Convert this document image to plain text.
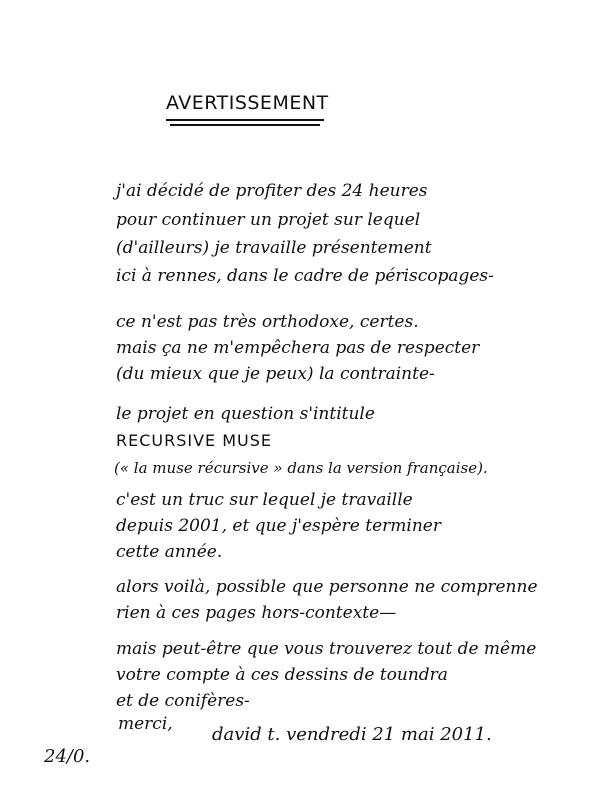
AVERTISSEMENT
j'ai décidé de profiter des 24 heures
pour continuer un projet sur lequel
(d'ailleurs) je travaille présentement
ici à rennes, dans le cadre de périscopages-
ce n'est pas très orthodoxe, certes.
mais ça ne m'empêchera pas de respecter
(du mieux que je peux) la contrainte-
le projet en question s'intitule
RECURSIVE MUSE
(« la muse récursive » dans la version française).
c'est un truc sur lequel je travaille
depuis 2001, et que j'espère terminer
cette année.
alors voilà, possible que personne ne comprenne
rien à ces pages hors-contexte—
mais peut-être que vous trouverez tout de même
votre compte à ces dessins de toundra
et de conifères-
merci, david t. vendredi 21 mai 2011.
24/0.
